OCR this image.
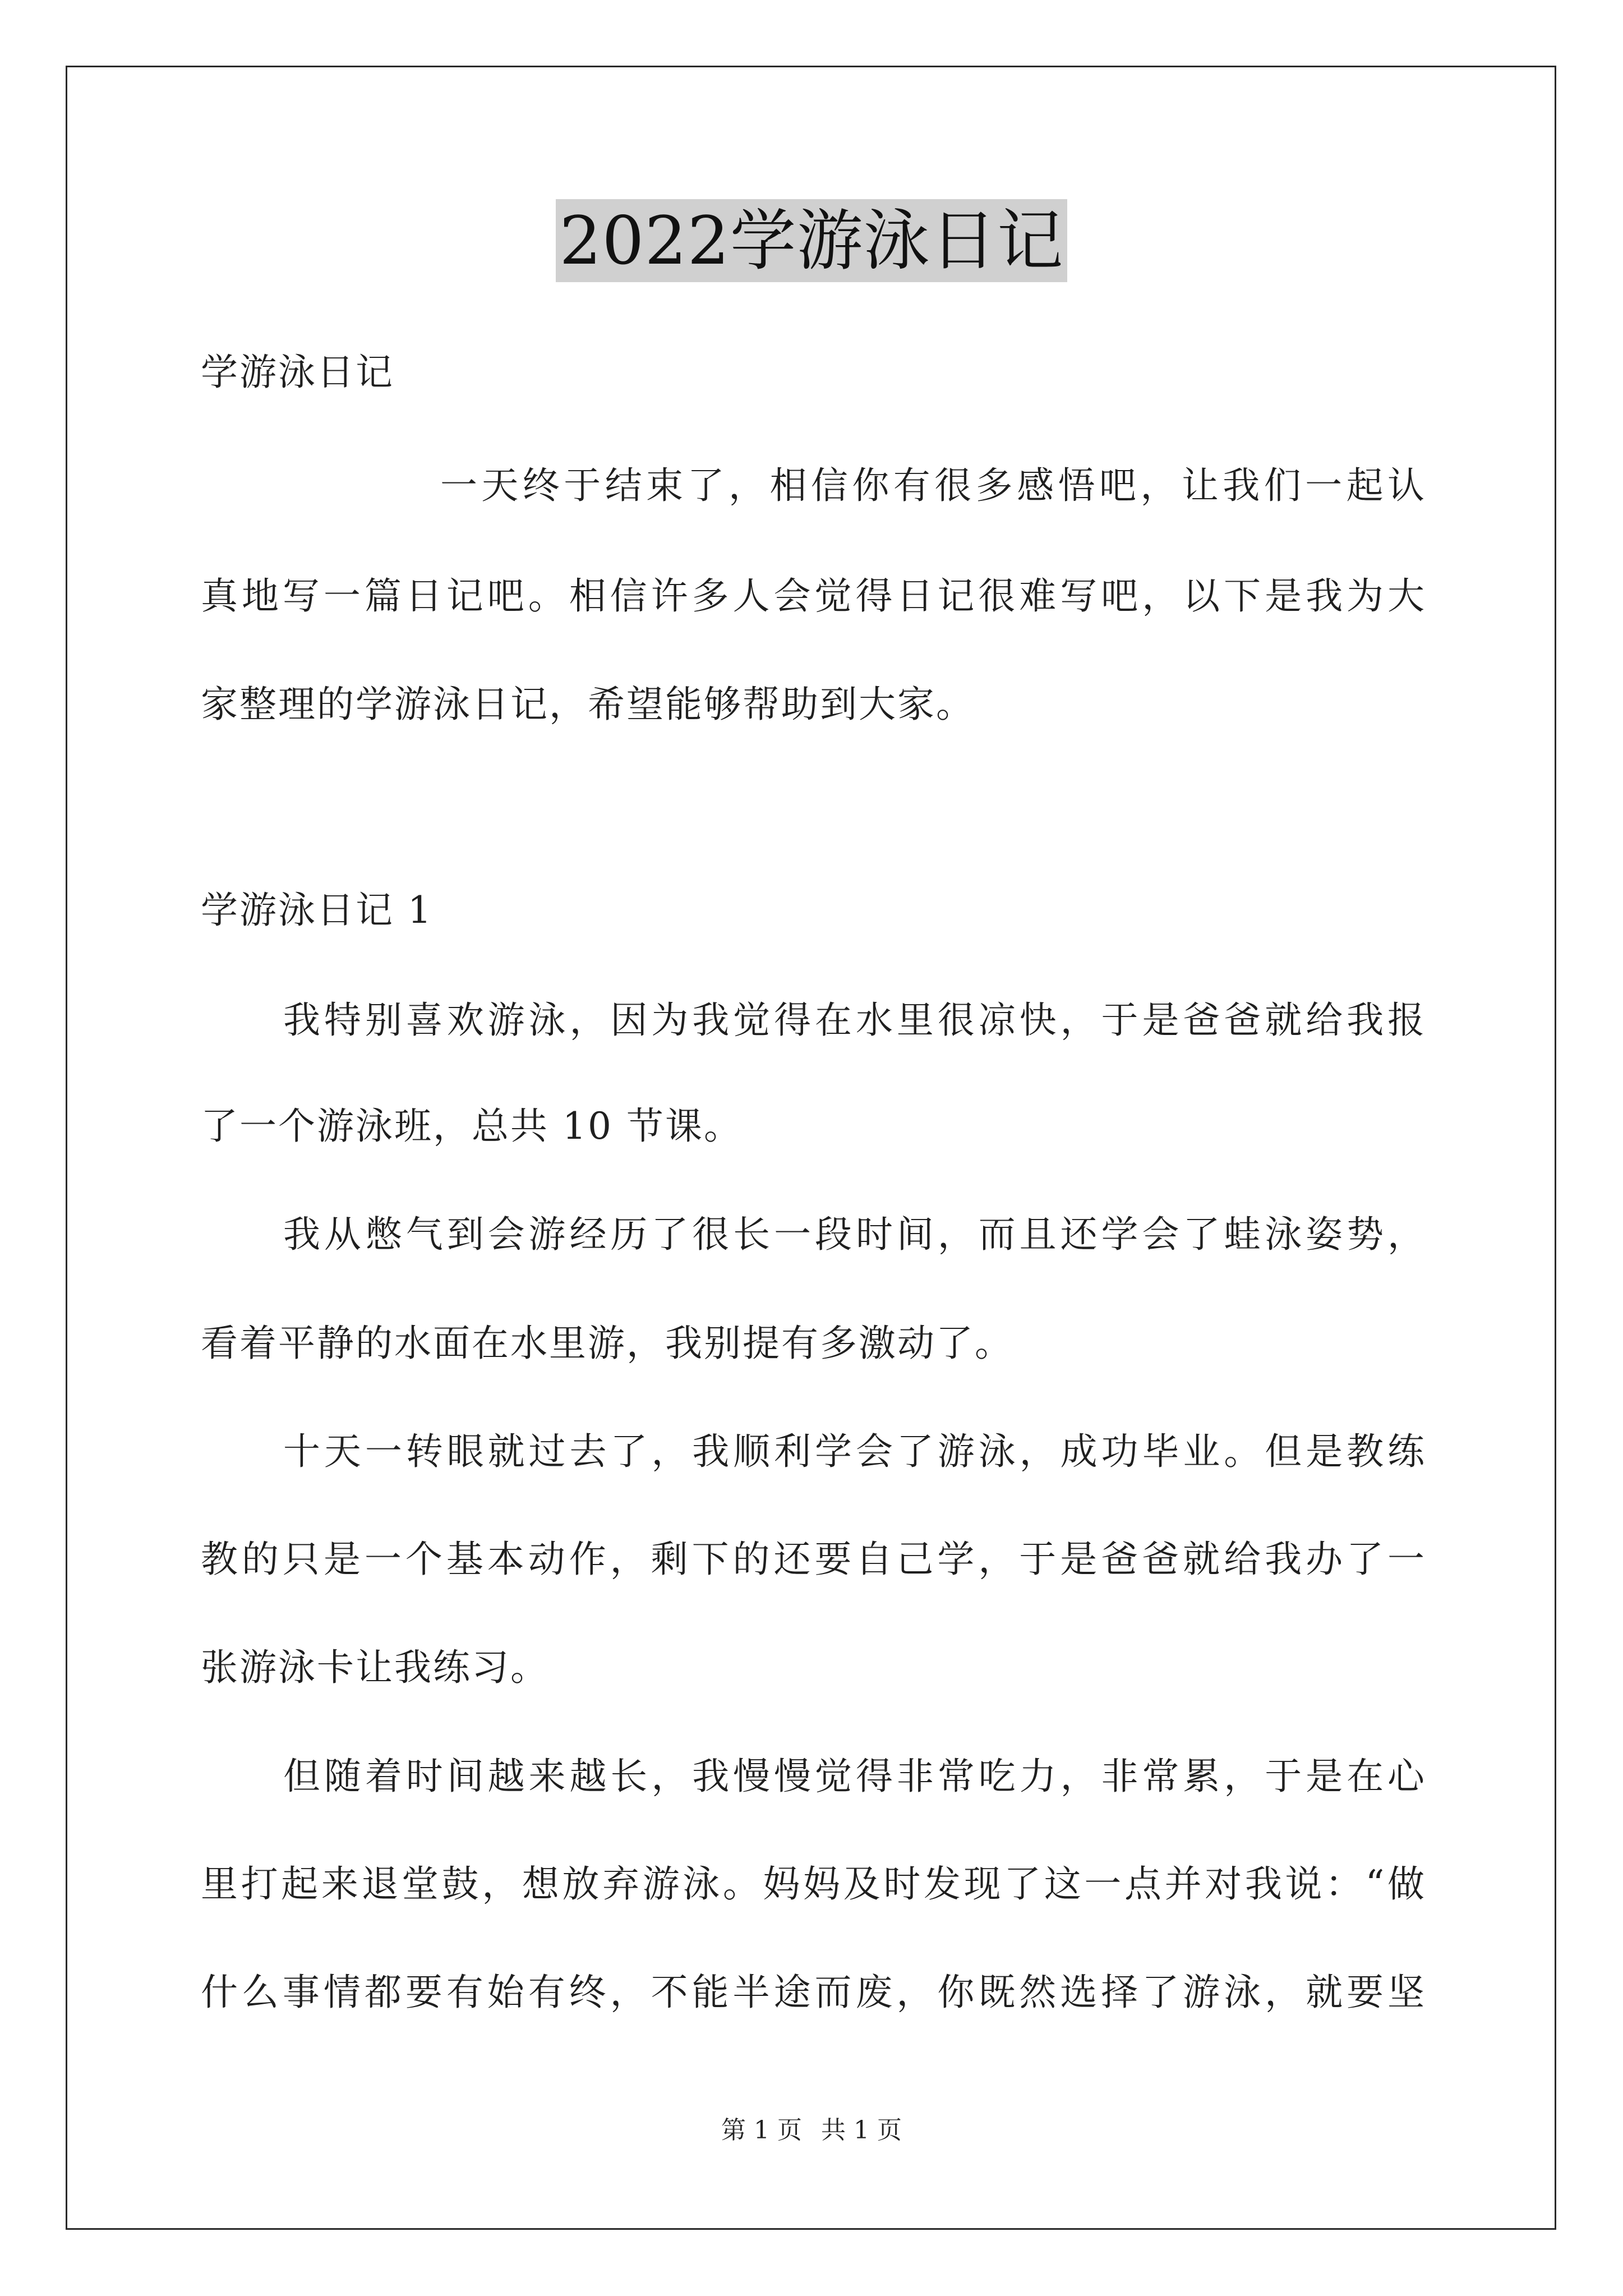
2022学游泳日记
学游泳日记
一天终于结束了，相信你有很多感悟吧，让我们一起认
真地写一篇日记吧。相信许多人会觉得日记很难写吧，以下是我为大
家整理的学游泳日记，希望能够帮助到大家。
学游泳日记 1
我特别喜欢游泳，因为我觉得在水里很凉快，于是爸爸就给我报
了一个游泳班，总共 10 节课。
我从憋气到会游经历了很长一段时间，而且还学会了蛙泳姿势，
看着平静的水面在水里游，我别提有多激动了。
十天一转眼就过去了，我顺利学会了游泳，成功毕业。但是教练
教的只是一个基本动作，剩下的还要自己学，于是爸爸就给我办了一
张游泳卡让我练习。
但随着时间越来越长，我慢慢觉得非常吃力，非常累，于是在心
里打起来退堂鼓，想放弃游泳。妈妈及时发现了这一点并对我说：“做
什么事情都要有始有终，不能半途而废，你既然选择了游泳，就要坚
第 1 页 共 1 页
